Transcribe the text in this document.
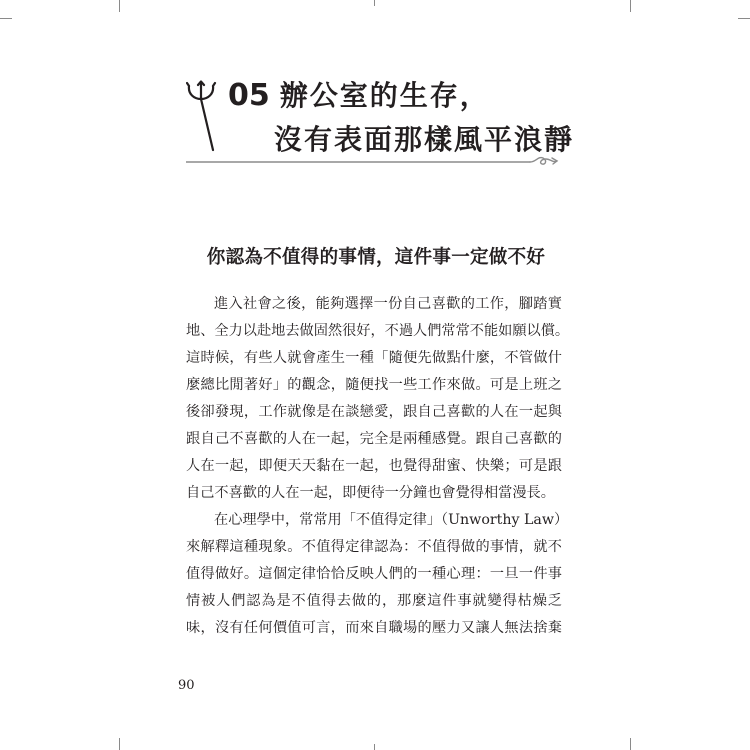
05 辦公室的生存，
沒有表面那樣風平浪靜
你認為不值得的事情，這件事一定做不好
進入社會之後，能夠選擇一份自己喜歡的工作，腳踏實
地、全力以赴地去做固然很好，不過人們常常不能如願以償。
這時候，有些人就會產生一種「隨便先做點什麼，不管做什
麼總比閒著好」的觀念，隨便找一些工作來做。可是上班之
後卻發現，工作就像是在談戀愛，跟自己喜歡的人在一起與
跟自己不喜歡的人在一起，完全是兩種感覺。跟自己喜歡的
人在一起，即便天天黏在一起，也覺得甜蜜、快樂；可是跟
自己不喜歡的人在一起，即便待一分鐘也會覺得相當漫長。
在心理學中，常常用「不值得定律」（Unworthy Law）
來解釋這種現象。不值得定律認為：不值得做的事情，就不
值得做好。這個定律恰恰反映人們的一種心理：一旦一件事
情被人們認為是不值得去做的，那麼這件事就變得枯燥乏
味，沒有任何價值可言，而來自職場的壓力又讓人無法捨棄
90
